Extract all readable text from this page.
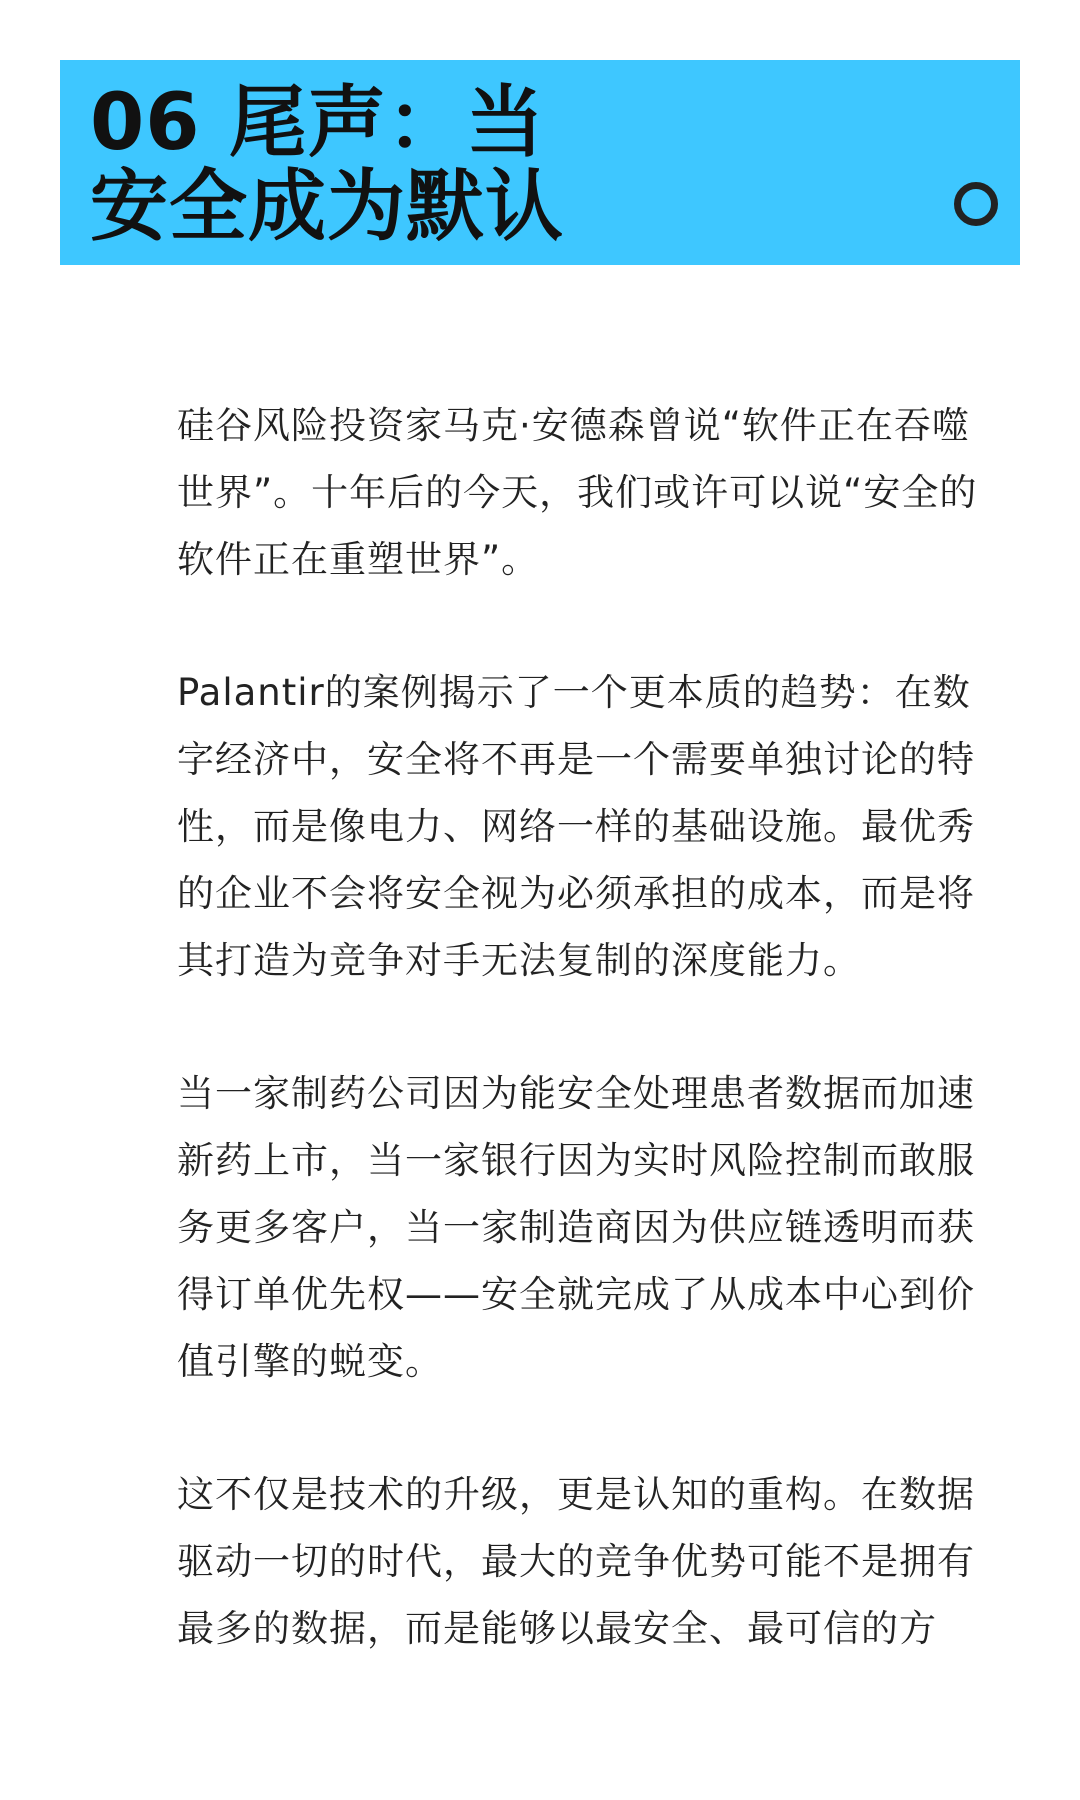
06 尾声：当
安全成为默认

硅谷风险投资家马克·安德森曾说“软件正在吞噬
世界”。十年后的今天，我们或许可以说“安全的
软件正在重塑世界”。

Palantir的案例揭示了一个更本质的趋势：在数
字经济中，安全将不再是一个需要单独讨论的特
性，而是像电力、网络一样的基础设施。最优秀
的企业不会将安全视为必须承担的成本，而是将
其打造为竞争对手无法复制的深度能力。

当一家制药公司因为能安全处理患者数据而加速
新药上市，当一家银行因为实时风险控制而敢服
务更多客户，当一家制造商因为供应链透明而获
得订单优先权——安全就完成了从成本中心到价
值引擎的蜕变。

这不仅是技术的升级，更是认知的重构。在数据
驱动一切的时代，最大的竞争优势可能不是拥有
最多的数据，而是能够以最安全、最可信的方
